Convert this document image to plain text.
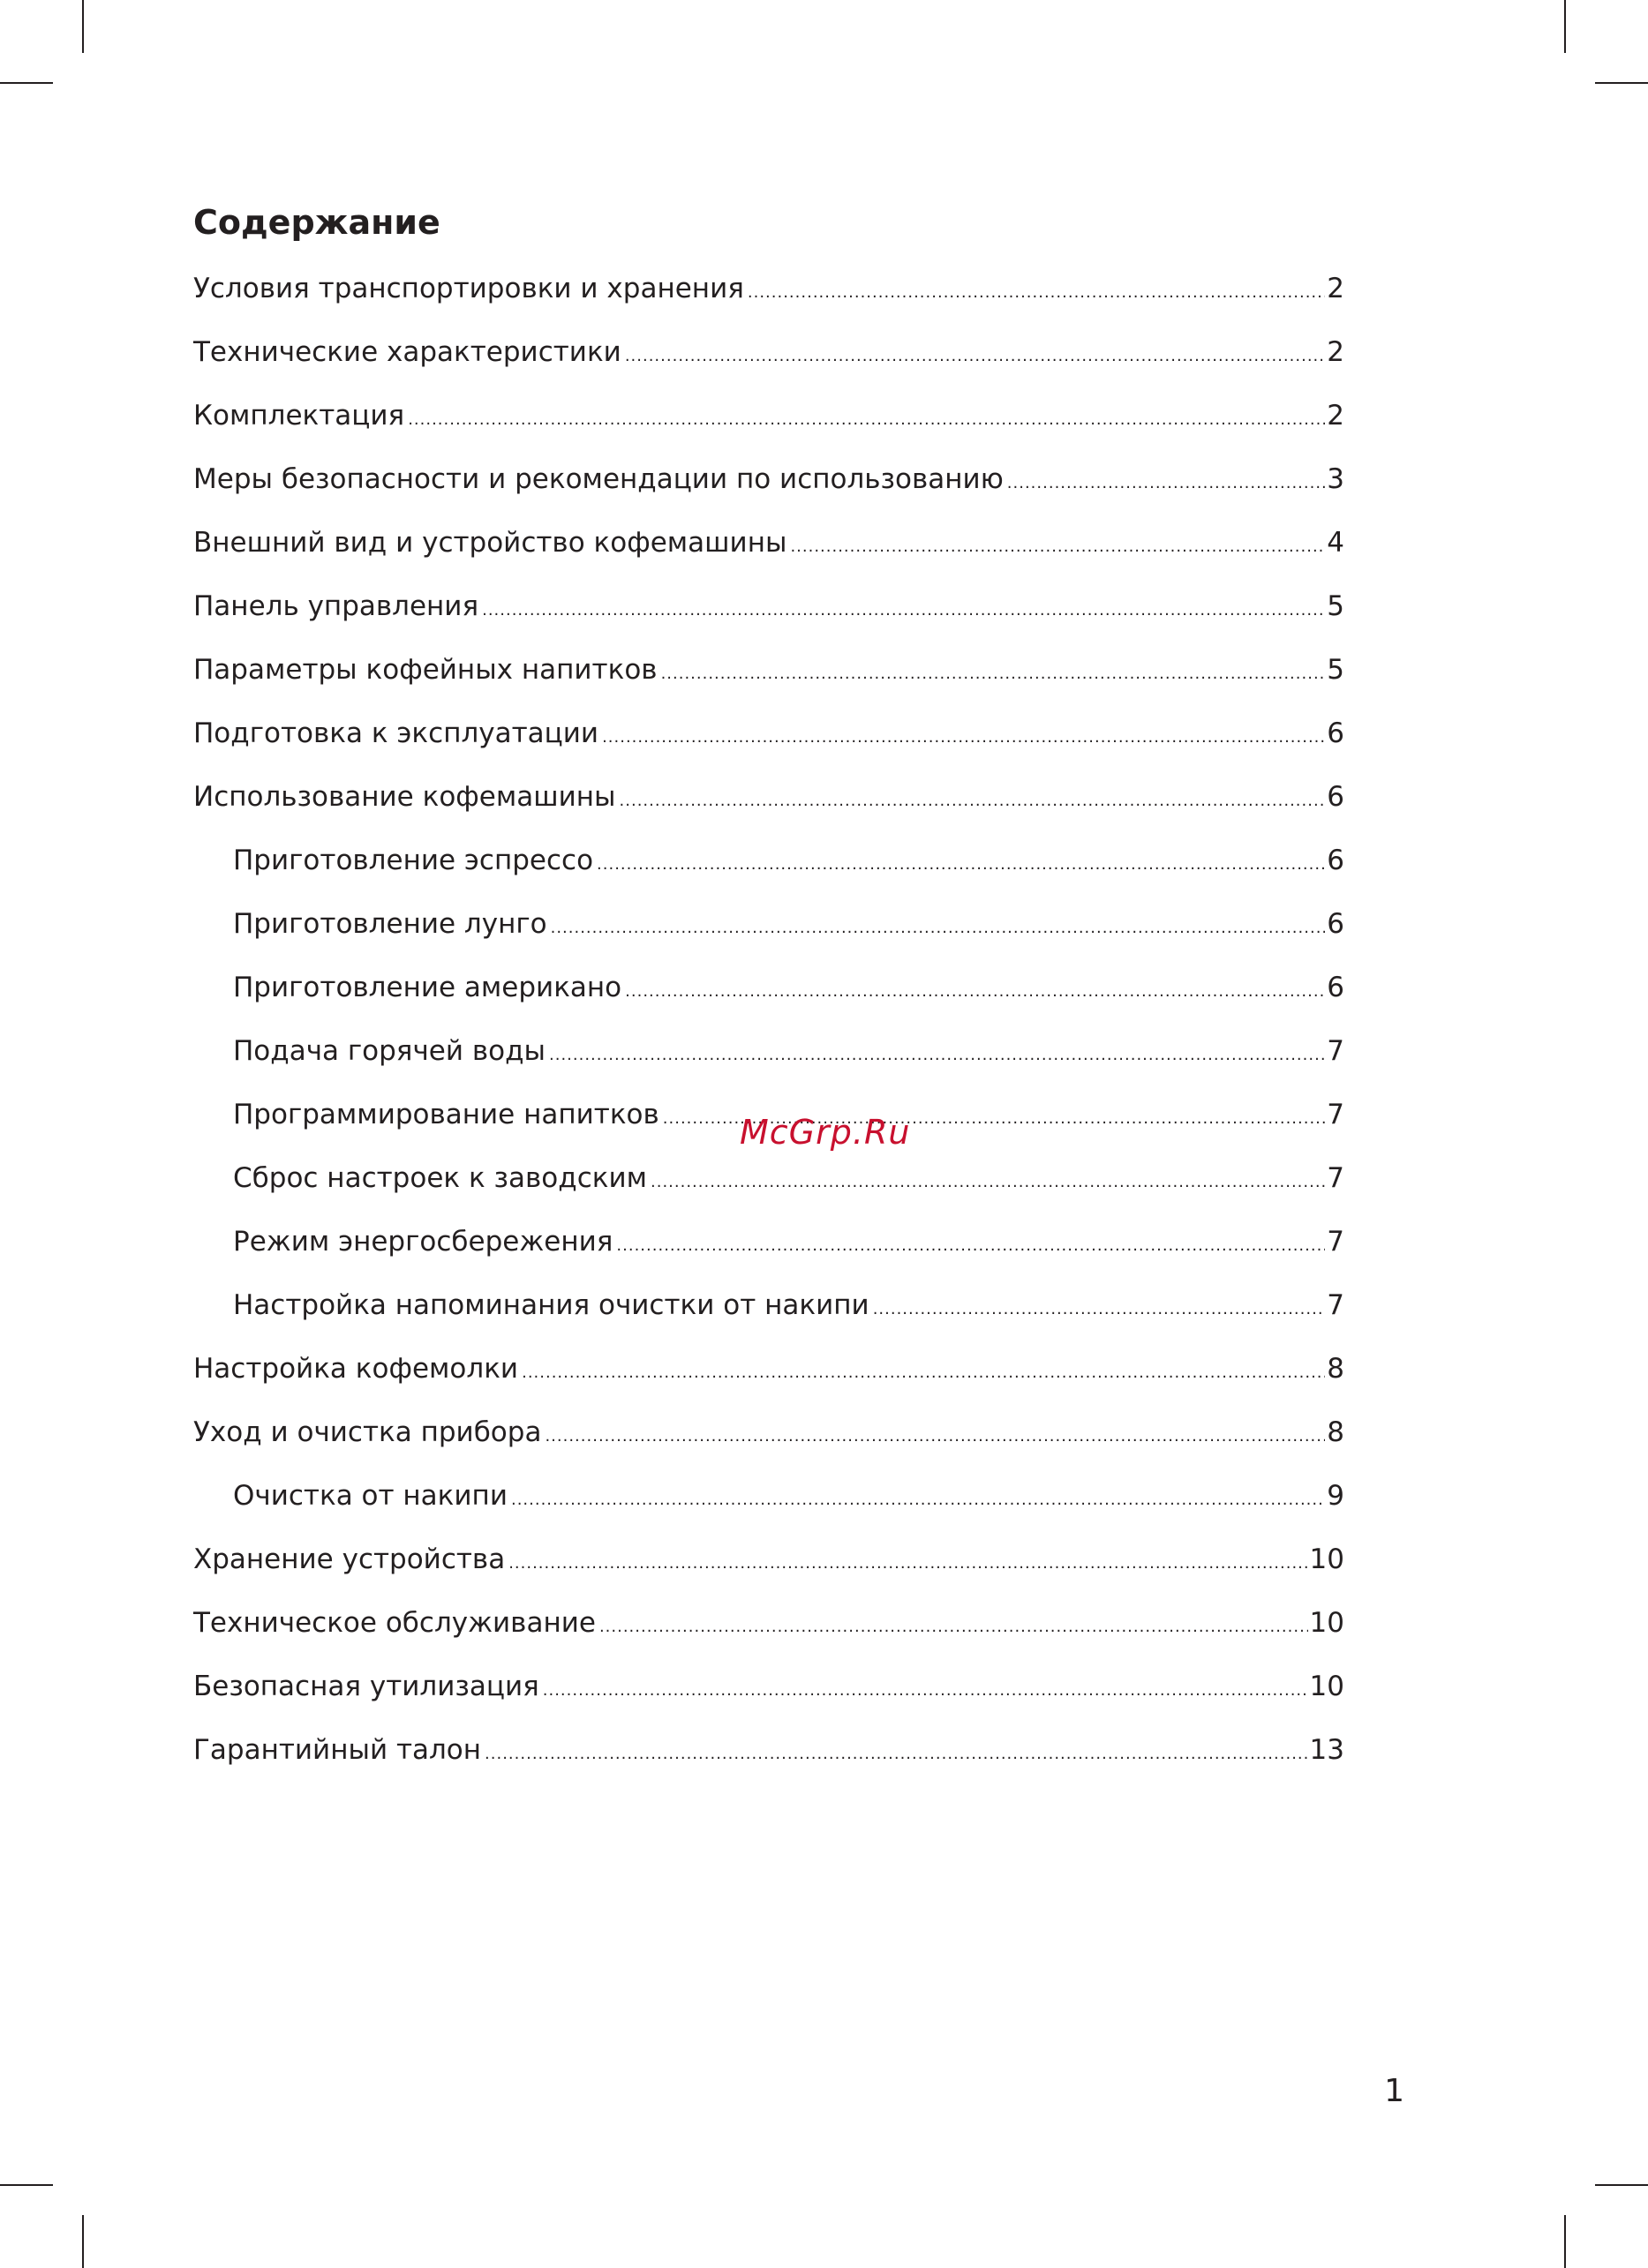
Содержание
Условия транспортировки и хранения .....	2
Технические характеристики .....	2
Комплектация .....	2
Меры безопасности и рекомендации по использованию .....	3
Внешний вид и устройство кофемашины .....	4
Панель управления .....	5
Параметры кофейных напитков .....	5
Подготовка к эксплуатации .....	6
Использование кофемашины .....	6
Приготовление эспрессо .....	6
Приготовление лунго .....	6
Приготовление американо .....	6
Подача горячей воды .....	7
Программирование напитков .....	7
Сброс настроек к заводским .....	7
Режим энергосбережения .....	7
Настройка напоминания очистки от накипи .....	7
Настройка кофемолки .....	8
Уход и очистка прибора .....	8
Очистка от накипи .....	9
Хранение устройства .....	10
Техническое обслуживание .....	10
Безопасная утилизация .....	10
Гарантийный талон .....	13
McGrp.Ru
1
